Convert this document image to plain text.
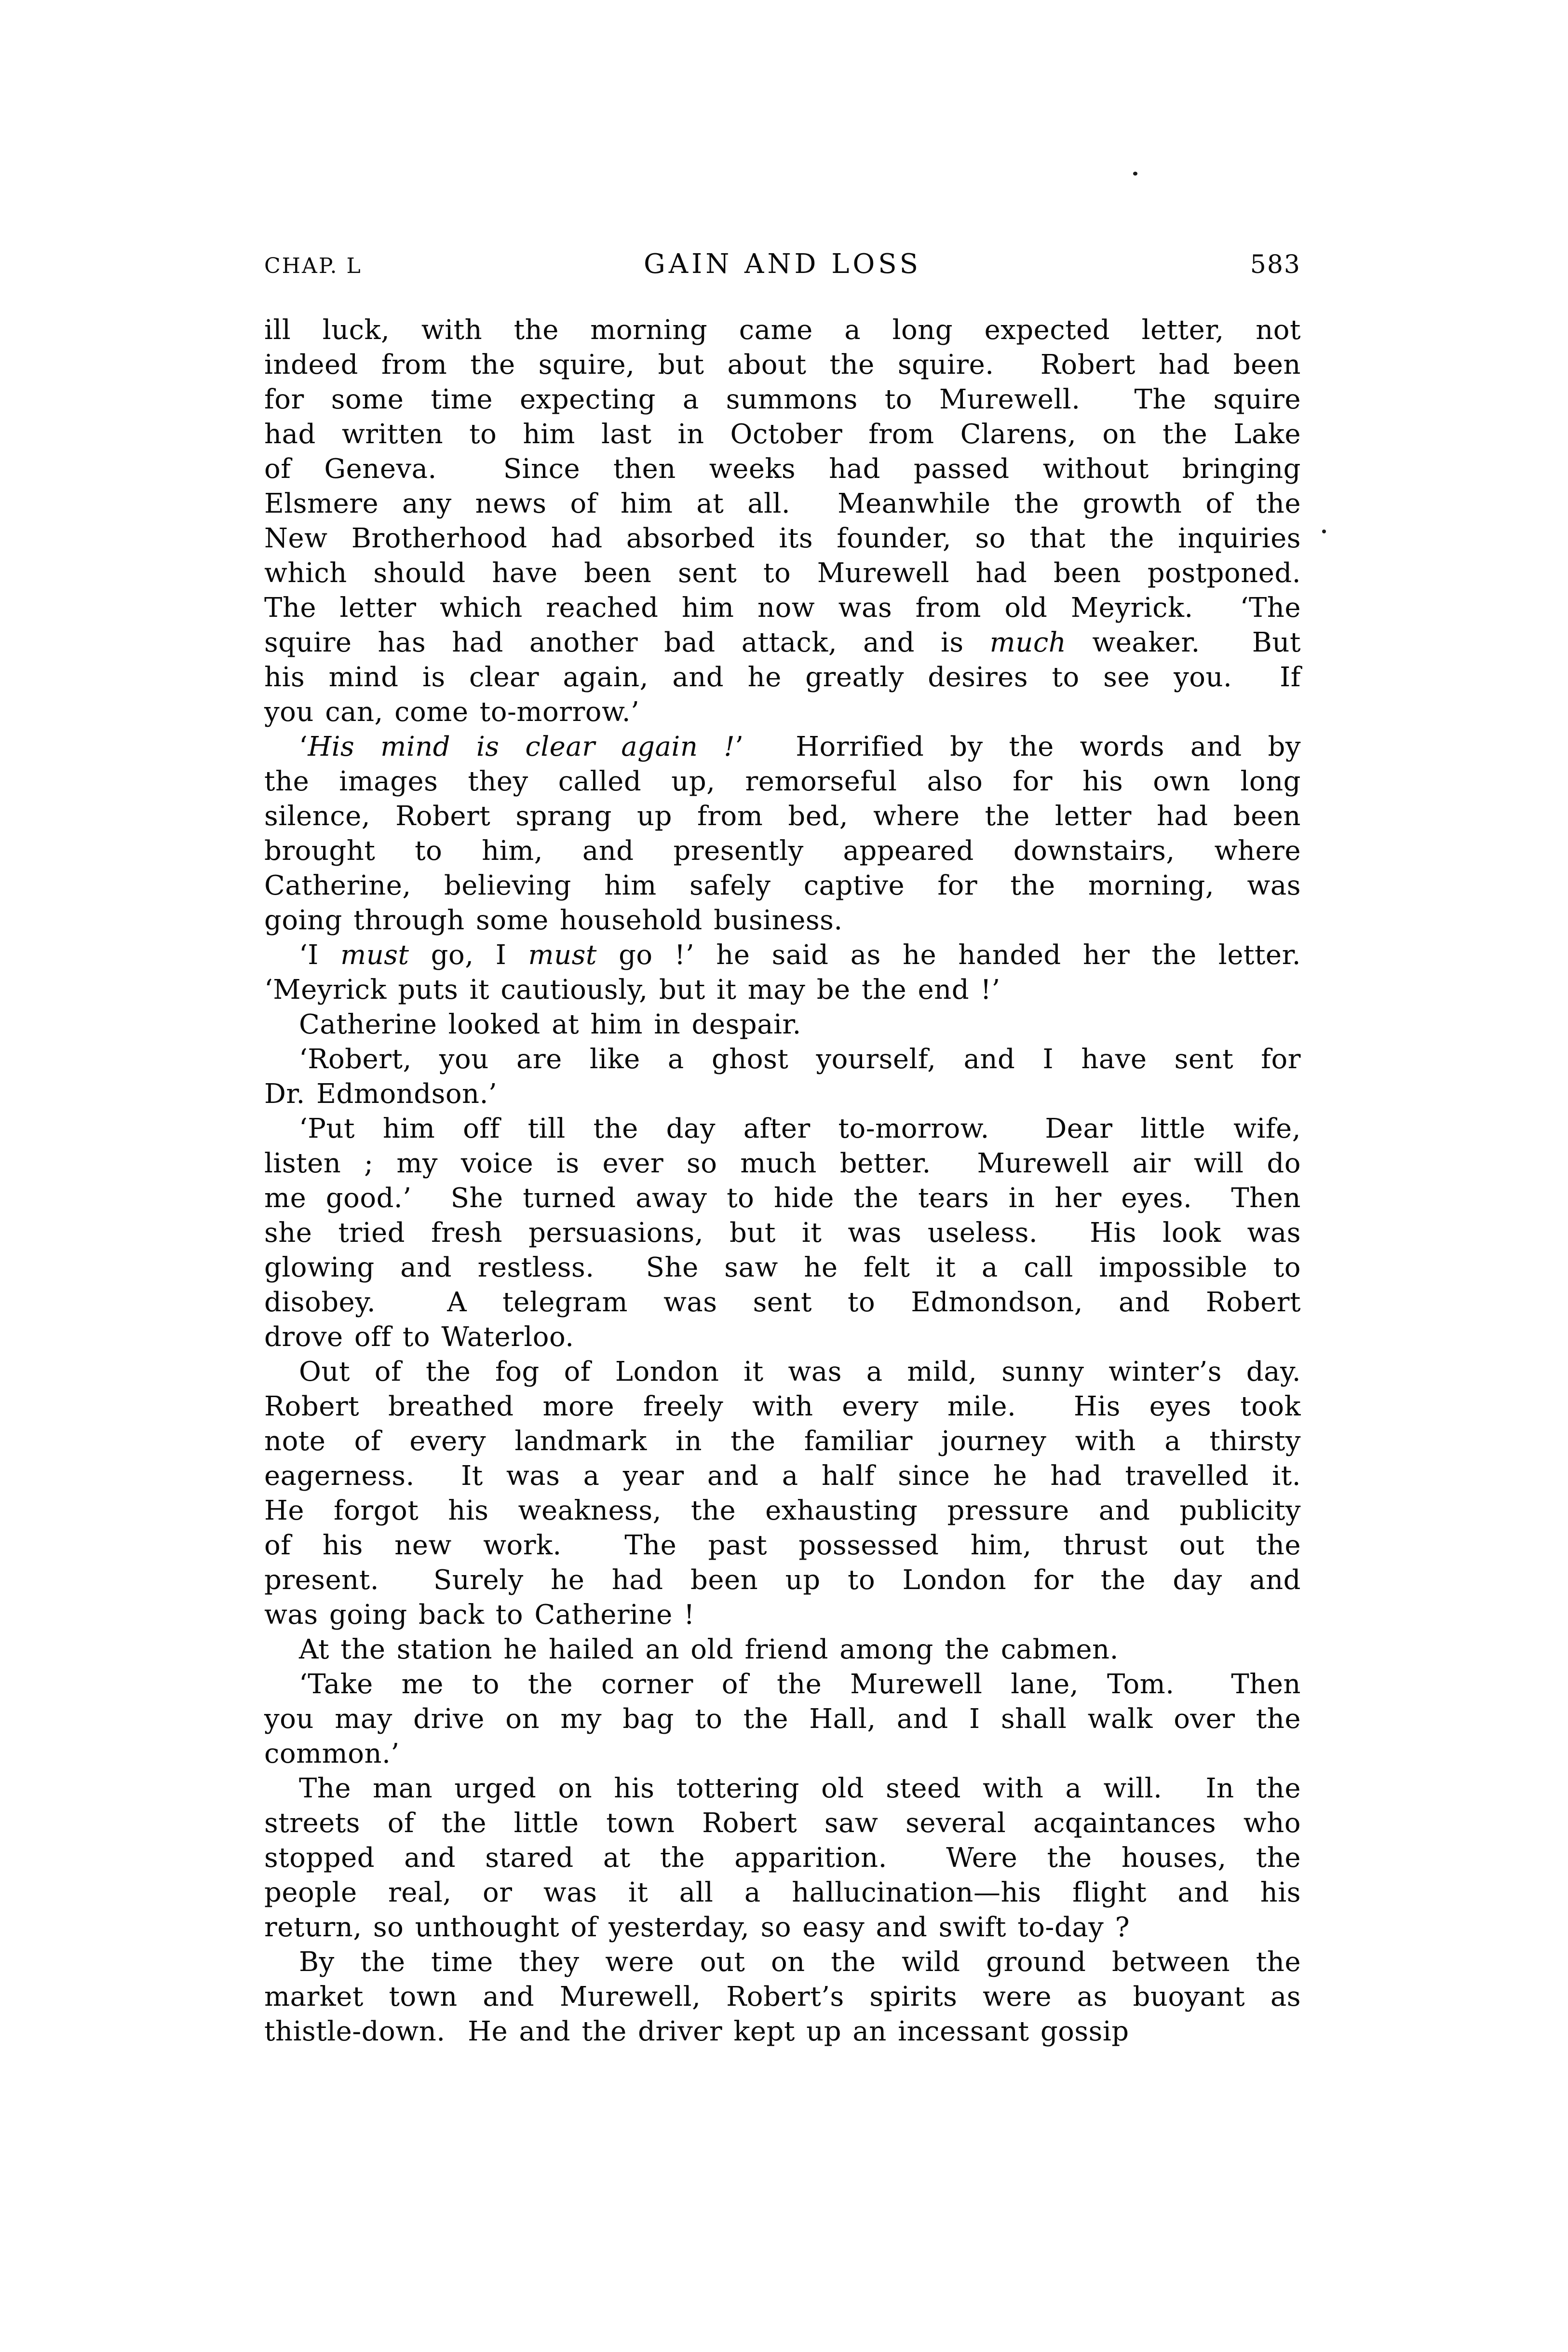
CHAP. L	GAIN AND LOSS	583
ill luck, with the morning came a long expected letter, not
indeed from the squire, but about the squire.  Robert had been
for some time expecting a summons to Murewell.  The squire
had written to him last in October from Clarens, on the Lake
of Geneva.  Since then weeks had passed without bringing
Elsmere any news of him at all.  Meanwhile the growth of the
New Brotherhood had absorbed its founder, so that the inquiries
which should have been sent to Murewell had been postponed.
The letter which reached him now was from old Meyrick.  ‘The
squire has had another bad attack, and is much weaker.  But
his mind is clear again, and he greatly desires to see you.  If
you can, come to-morrow.’
‘His mind is clear again !’  Horrified by the words and by
the images they called up, remorseful also for his own long
silence, Robert sprang up from bed, where the letter had been
brought to him, and presently appeared downstairs, where
Catherine, believing him safely captive for the morning, was
going through some household business.
‘I must go, I must go !’ he said as he handed her the letter.
‘Meyrick puts it cautiously, but it may be the end !’
Catherine looked at him in despair.
‘Robert, you are like a ghost yourself, and I have sent for
Dr. Edmondson.’
‘Put him off till the day after to-morrow.  Dear little wife,
listen ; my voice is ever so much better.  Murewell air will do
me good.’  She turned away to hide the tears in her eyes.  Then
she tried fresh persuasions, but it was useless.  His look was
glowing and restless.  She saw he felt it a call impossible to
disobey.  A telegram was sent to Edmondson, and Robert
drove off to Waterloo.
Out of the fog of London it was a mild, sunny winter’s day.
Robert breathed more freely with every mile.  His eyes took
note of every landmark in the familiar journey with a thirsty
eagerness.  It was a year and a half since he had travelled it.
He forgot his weakness, the exhausting pressure and publicity
of his new work.  The past possessed him, thrust out the
present.  Surely he had been up to London for the day and
was going back to Catherine !
At the station he hailed an old friend among the cabmen.
‘Take me to the corner of the Murewell lane, Tom.  Then
you may drive on my bag to the Hall, and I shall walk over the
common.’
The man urged on his tottering old steed with a will.  In the
streets of the little town Robert saw several acqaintances who
stopped and stared at the apparition.  Were the houses, the
people real, or was it all a hallucination—his flight and his
return, so unthought of yesterday, so easy and swift to-day ?
By the time they were out on the wild ground between the
market town and Murewell, Robert’s spirits were as buoyant as
thistle-down.  He and the driver kept up an incessant gossip
